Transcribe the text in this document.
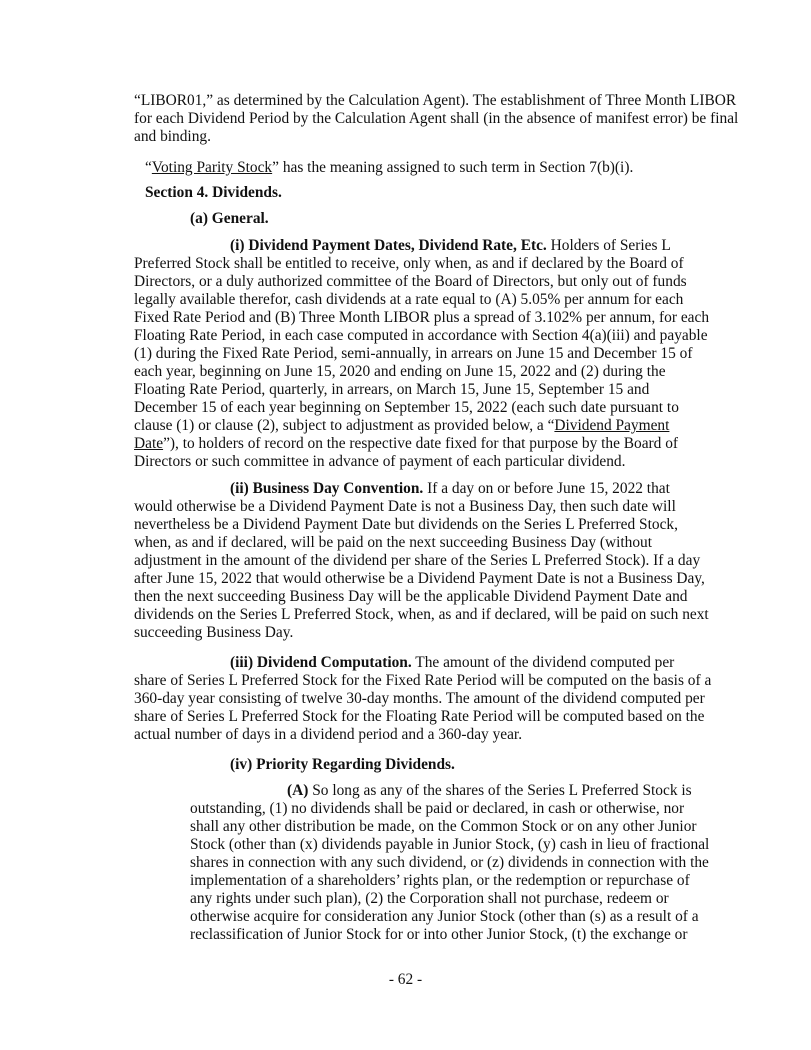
“LIBOR01,” as determined by the Calculation Agent). The establishment of Three Month LIBOR
for each Dividend Period by the Calculation Agent shall (in the absence of manifest error) be final
and binding.
“Voting Parity Stock” has the meaning assigned to such term in Section 7(b)(i).
Section 4. Dividends.
(a) General.
(i) Dividend Payment Dates, Dividend Rate, Etc. Holders of Series L
Preferred Stock shall be entitled to receive, only when, as and if declared by the Board of
Directors, or a duly authorized committee of the Board of Directors, but only out of funds
legally available therefor, cash dividends at a rate equal to (A) 5.05% per annum for each
Fixed Rate Period and (B) Three Month LIBOR plus a spread of 3.102% per annum, for each
Floating Rate Period, in each case computed in accordance with Section 4(a)(iii) and payable
(1) during the Fixed Rate Period, semi-annually, in arrears on June 15 and December 15 of
each year, beginning on June 15, 2020 and ending on June 15, 2022 and (2) during the
Floating Rate Period, quarterly, in arrears, on March 15, June 15, September 15 and
December 15 of each year beginning on September 15, 2022 (each such date pursuant to
clause (1) or clause (2), subject to adjustment as provided below, a “Dividend Payment
Date”), to holders of record on the respective date fixed for that purpose by the Board of
Directors or such committee in advance of payment of each particular dividend.
(ii) Business Day Convention. If a day on or before June 15, 2022 that
would otherwise be a Dividend Payment Date is not a Business Day, then such date will
nevertheless be a Dividend Payment Date but dividends on the Series L Preferred Stock,
when, as and if declared, will be paid on the next succeeding Business Day (without
adjustment in the amount of the dividend per share of the Series L Preferred Stock). If a day
after June 15, 2022 that would otherwise be a Dividend Payment Date is not a Business Day,
then the next succeeding Business Day will be the applicable Dividend Payment Date and
dividends on the Series L Preferred Stock, when, as and if declared, will be paid on such next
succeeding Business Day.
(iii) Dividend Computation. The amount of the dividend computed per
share of Series L Preferred Stock for the Fixed Rate Period will be computed on the basis of a
360-day year consisting of twelve 30-day months. The amount of the dividend computed per
share of Series L Preferred Stock for the Floating Rate Period will be computed based on the
actual number of days in a dividend period and a 360-day year.
(iv) Priority Regarding Dividends.
(A) So long as any of the shares of the Series L Preferred Stock is
outstanding, (1) no dividends shall be paid or declared, in cash or otherwise, nor
shall any other distribution be made, on the Common Stock or on any other Junior
Stock (other than (x) dividends payable in Junior Stock, (y) cash in lieu of fractional
shares in connection with any such dividend, or (z) dividends in connection with the
implementation of a shareholders’ rights plan, or the redemption or repurchase of
any rights under such plan), (2) the Corporation shall not purchase, redeem or
otherwise acquire for consideration any Junior Stock (other than (s) as a result of a
reclassification of Junior Stock for or into other Junior Stock, (t) the exchange or
- 62 -
